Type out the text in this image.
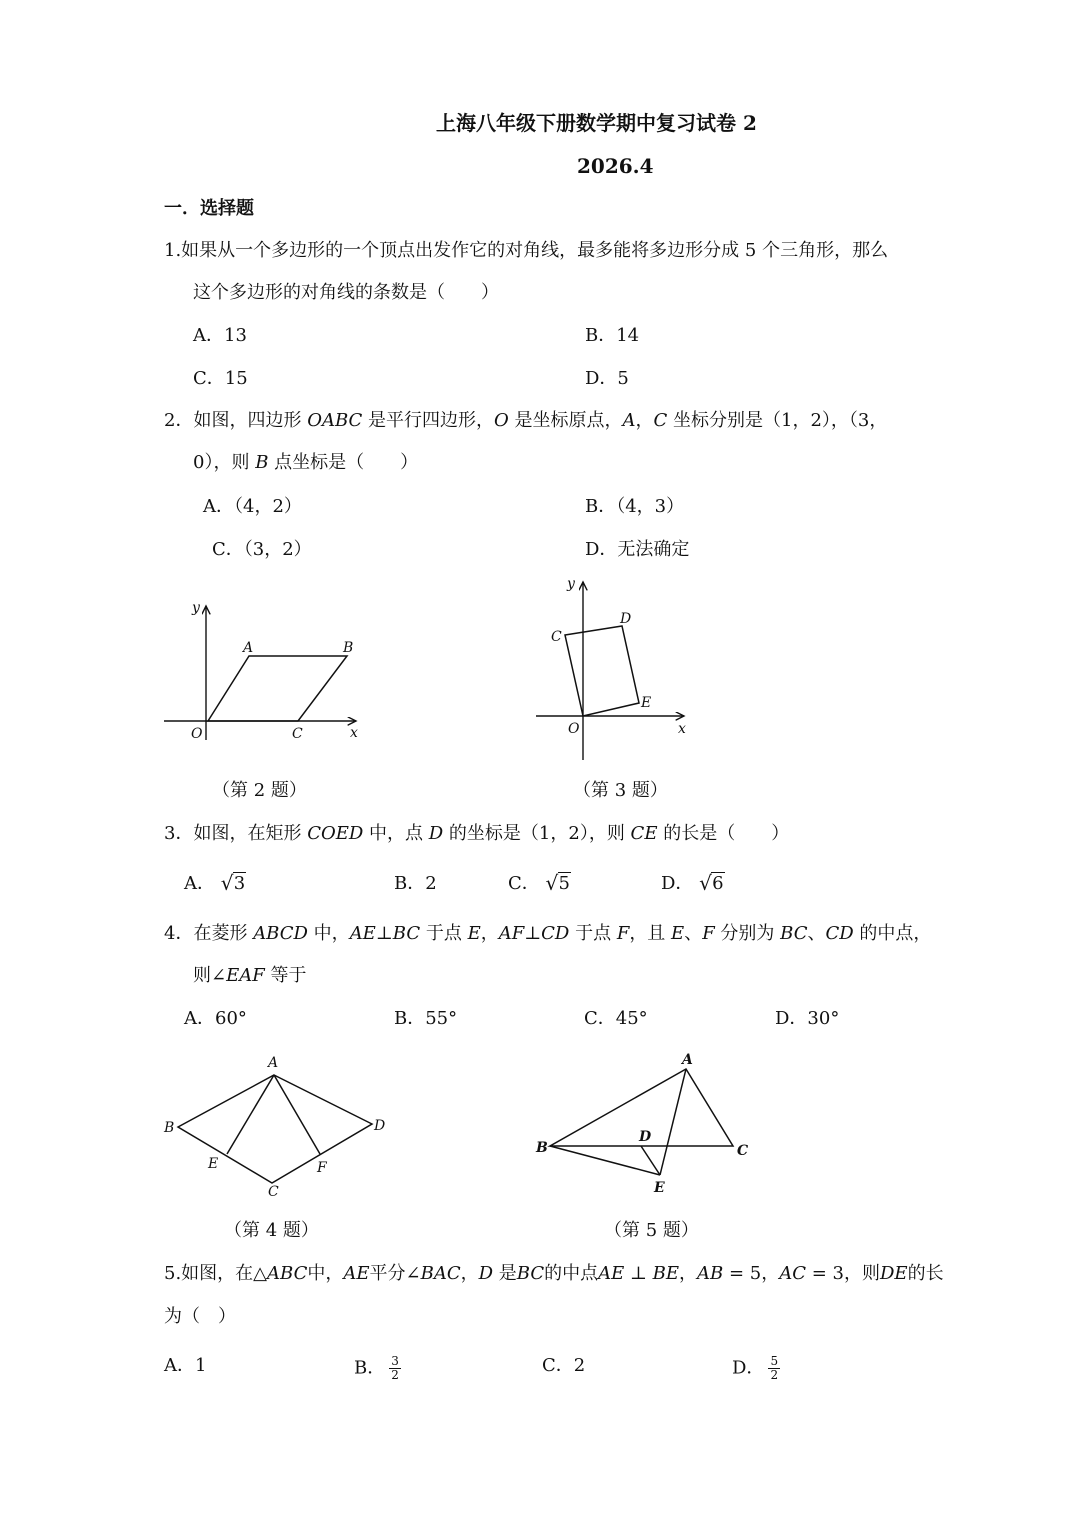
上海八年级下册数学期中复习试卷 2
2026.4
一．选择题
1.如果从一个多边形的一个顶点出发作它的对角线，最多能将多边形分成 5 个三角形，那么
这个多边形的对角线的条数是（　　）
A．13	B．14
C．15	D．5
2．如图，四边形 OABC 是平行四边形，O 是坐标原点，A，C 坐标分别是（1，2），（3，
0），则 B 点坐标是（　　）
A．（4，2）	B．（4，3）
C．（3，2）	D．无法确定
y
x
O
A	B
C
（第 2 题）
y
x
O
C
D
E
（第 3 题）
3．如图，在矩形 COED 中，点 D 的坐标是（1，2），则 CE 的长是（　　）
A． √ 3	B．2	C． √ 5	D． √ 6
4．在菱形 ABCD 中，AE⊥BC 于点 E，AF⊥CD 于点 F，且 E、F 分别为 BC、CD 的中点，
则∠EAF 等于
A．60°	B．55°	C．45°	D．30°
A
B	D
C
E	F
（第 4 题）
A
B	C
D
E
（第 5 题）
5.如图，在△ABC中，AE平分∠BAC，D 是BC的中点AE ⊥ BE，AB = 5，AC = 3，则DE的长
为（　）
A．1	B． $\frac{3}{2}$	C．2	D． $\frac{5}{2}$
